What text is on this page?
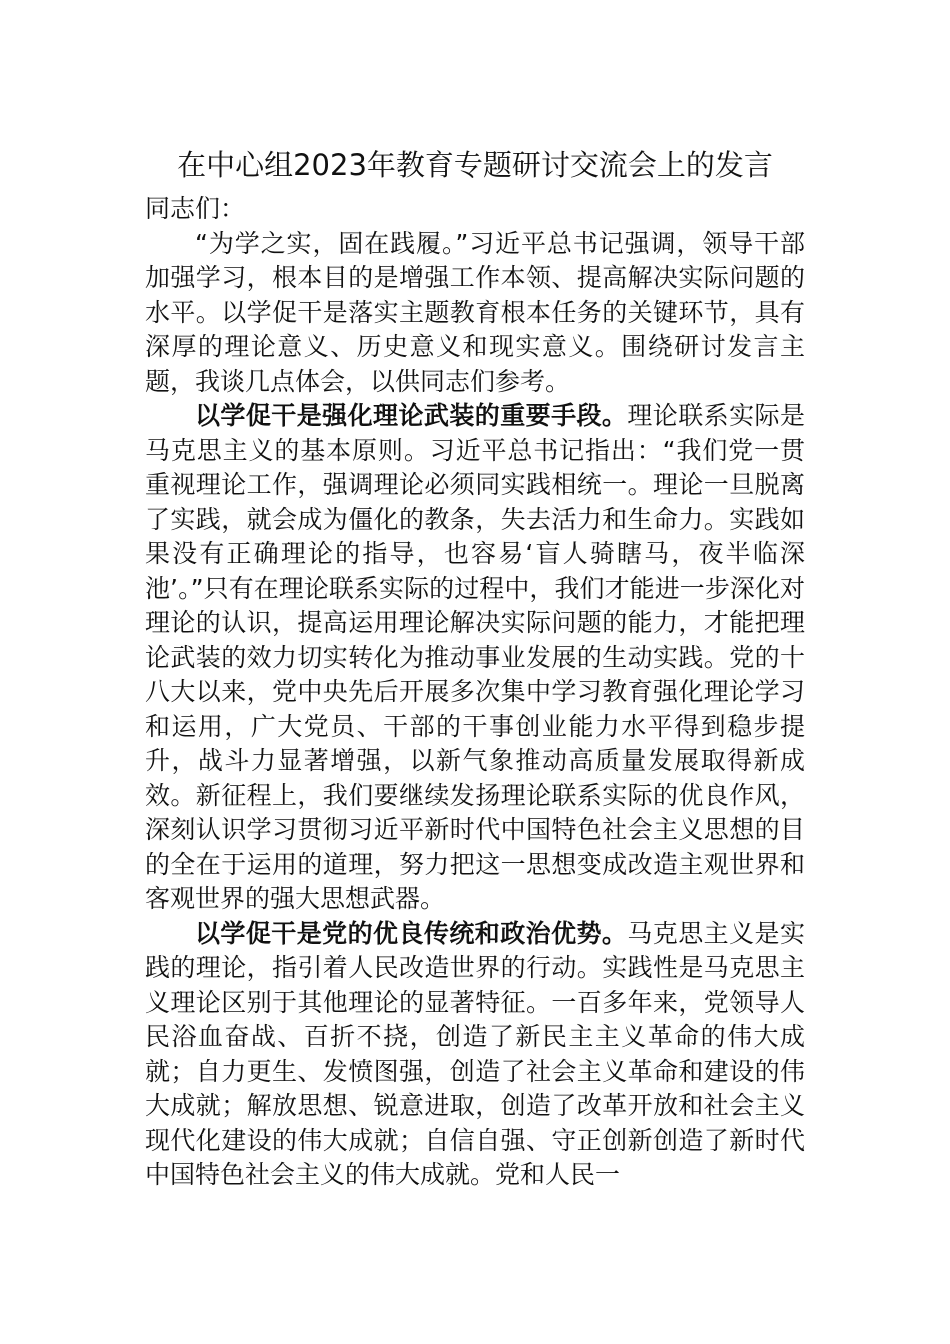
在中心组2023年教育专题研讨交流会上的发言

同志们：

“为学之实，固在践履。”习近平总书记强调，领导干部加强学习，根本目的是增强工作本领、提高解决实际问题的水平。以学促干是落实主题教育根本任务的关键环节，具有深厚的理论意义、历史意义和现实意义。围绕研讨发言主题，我谈几点体会，以供同志们参考。

以学促干是强化理论武装的重要手段。理论联系实际是马克思主义的基本原则。习近平总书记指出：“我们党一贯重视理论工作，强调理论必须同实践相统一。理论一旦脱离了实践，就会成为僵化的教条，失去活力和生命力。实践如果没有正确理论的指导，也容易‘盲人骑瞎马，夜半临深池’。”只有在理论联系实际的过程中，我们才能进一步深化对理论的认识，提高运用理论解决实际问题的能力，才能把理论武装的效力切实转化为推动事业发展的生动实践。党的十八大以来，党中央先后开展多次集中学习教育强化理论学习和运用，广大党员、干部的干事创业能力水平得到稳步提升，战斗力显著增强，以新气象推动高质量发展取得新成效。新征程上，我们要继续发扬理论联系实际的优良作风，深刻认识学习贯彻习近平新时代中国特色社会主义思想的目的全在于运用的道理，努力把这一思想变成改造主观世界和客观世界的强大思想武器。

以学促干是党的优良传统和政治优势。马克思主义是实践的理论，指引着人民改造世界的行动。实践性是马克思主义理论区别于其他理论的显著特征。一百多年来，党领导人民浴血奋战、百折不挠，创造了新民主主义革命的伟大成就；自力更生、发愤图强，创造了社会主义革命和建设的伟大成就；解放思想、锐意进取，创造了改革开放和社会主义现代化建设的伟大成就；自信自强、守正创新创造了新时代中国特色社会主义的伟大成就。党和人民一
